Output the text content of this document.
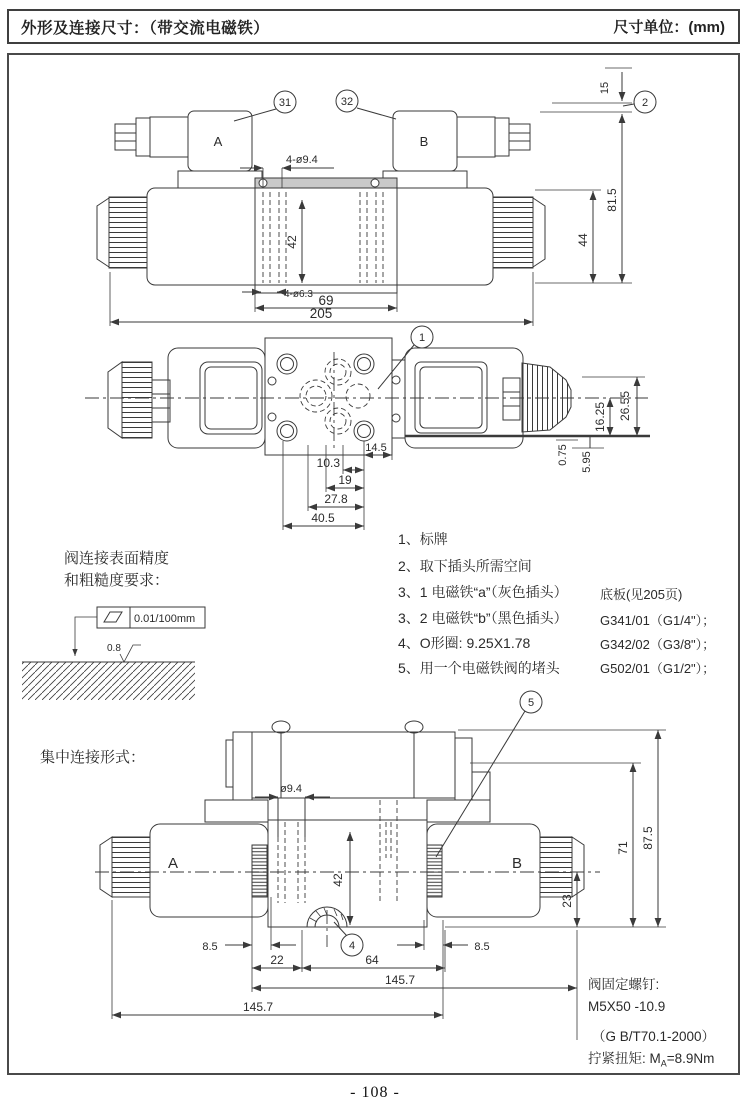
外形及连接尺寸：（带交流电磁铁）	尺寸单位：(mm)
A	B
31	32	2
4-ø9.4
42
4-ø6.3 69
205
15
81.5
44
1
26.55
16.25
0.75 5.95
14.5
10.3
19
27.8
40.5
0.01/100mm
0.8
A	B
4
5
ø9.4
42
87.5
71
23
8.5	8.5
22	64
145.7
145.7
阀连接表面精度
和粗糙度要求：
1、标牌
2、取下插头所需空间
3、1 电磁铁“a”（灰色插头）
3、2 电磁铁“b”（黑色插头）
4、O形圈: 9.25X1.78
5、用一个电磁铁阀的堵头
底板(见205页)
G341/01（G1/4"）；
G342/02（G3/8"）；
G502/01（G1/2"）；
集中连接形式：
阀固定螺钉:
M5X50 -10.9
（G B/T70.1-2000）
拧紧扭矩: $M_A=8.9Nm$
- 108 -
